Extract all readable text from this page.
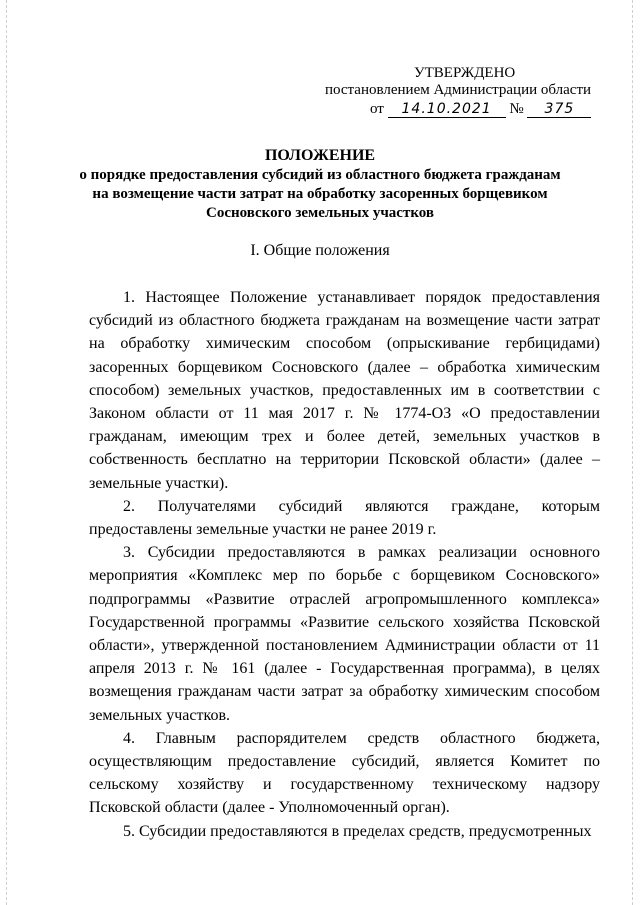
УТВЕРЖДЕНО
постановлением Администрации области
от 14.10.2021 № 375
ПОЛОЖЕНИЕ
о порядке предоставления субсидий из областного бюджета гражданам
на возмещение части затрат на обработку засоренных борщевиком
Сосновского земельных участков
I. Общие положения

1. Настоящее Положение устанавливает порядок предоставления субсидий из областного бюджета гражданам на возмещение части затрат на обработку химическим способом (опрыскивание гербицидами) засоренных борщевиком Сосновского (далее – обработка химическим способом) земельных участков, предоставленных им в соответствии с Законом области от 11 мая 2017 г. № 1774-ОЗ «О предоставлении гражданам, имеющим трех и более детей, земельных участков в собственность бесплатно на территории Псковской области» (далее – земельные участки).

2. Получателями субсидий являются граждане, которым предоставлены земельные участки не ранее 2019 г.

3. Субсидии предоставляются в рамках реализации основного мероприятия «Комплекс мер по борьбе с борщевиком Сосновского» подпрограммы «Развитие отраслей агропромышленного комплекса» Государственной программы «Развитие сельского хозяйства Псковской области», утвержденной постановлением Администрации области от 11 апреля 2013 г. № 161 (далее - Государственная программа), в целях возмещения гражданам части затрат за обработку химическим способом земельных участков.

4. Главным распорядителем средств областного бюджета, осуществляющим предоставление субсидий, является Комитет по сельскому хозяйству и государственному техническому надзору Псковской области (далее - Уполномоченный орган).

5. Субсидии предоставляются в пределах средств, предусмотренных
